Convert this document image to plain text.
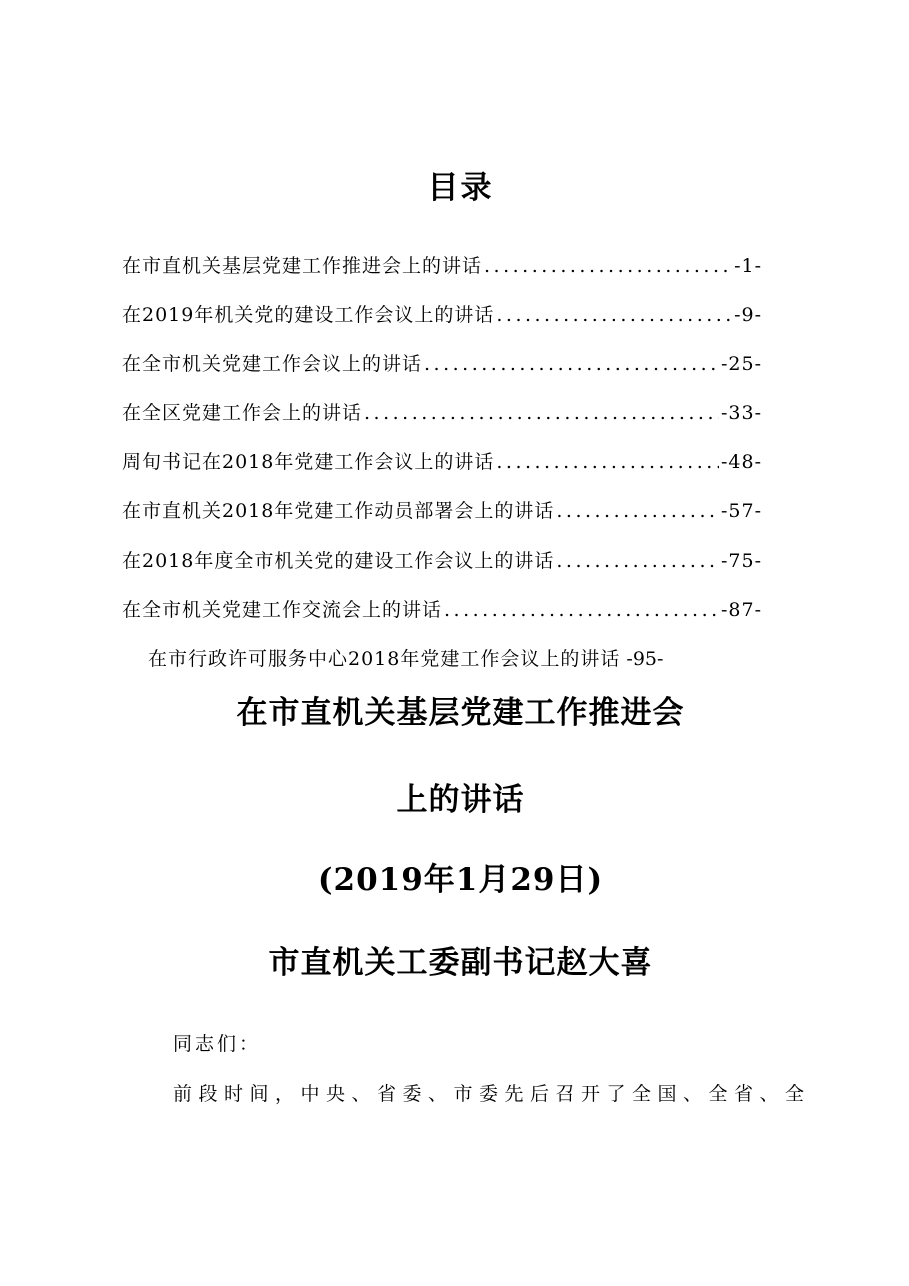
目录
在市直机关基层党建工作推进会上的讲话 .....	-1-
在2019年机关党的建设工作会议上的讲话 .....	-9-
在全市机关党建工作会议上的讲话 .....	-25-
在全区党建工作会上的讲话 .....	-33-
周旬书记在2018年党建工作会议上的讲话 .....	-48-
在市直机关2018年党建工作动员部署会上的讲话 .....	-57-
在2018年度全市机关党的建设工作会议上的讲话 .....	-75-
在全市机关党建工作交流会上的讲话 .....	-87-
在市行政许可服务中心2018年党建工作会议上的讲话 -95-
在市直机关基层党建工作推进会
上的讲话
(2019年1月29日)
市直机关工委副书记赵大喜
同志们：
前段时间，中央、省委、市委先后召开了全国、全省、全
